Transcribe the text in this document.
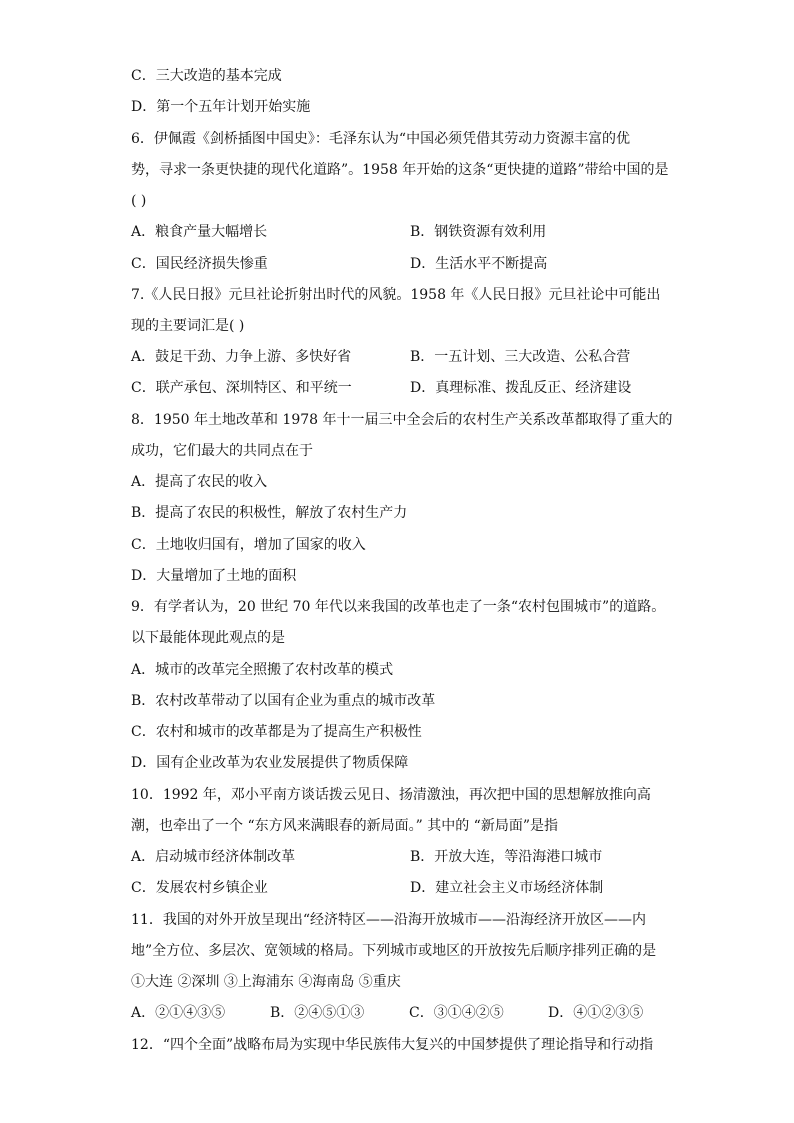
C．三大改造的基本完成
D．第一个五年计划开始实施
6．伊佩霞《剑桥插图中国史》：毛泽东认为“中国必须凭借其劳动力资源丰富的优
势，寻求一条更快捷的现代化道路”。1958 年开始的这条“更快捷的道路”带给中国的是
( )
A．粮食产量大幅增长	B．钢铁资源有效利用
C．国民经济损失惨重	D．生活水平不断提高
7.《人民日报》元旦社论折射出时代的风貌。1958 年《人民日报》元旦社论中可能出
现的主要词汇是( )
A．鼓足干劲、力争上游、多快好省	B．一五计划、三大改造、公私合营
C．联产承包、深圳特区、和平统一	D．真理标准、拨乱反正、经济建设
8．1950 年土地改革和 1978 年十一届三中全会后的农村生产关系改革都取得了重大的
成功，它们最大的共同点在于
A．提高了农民的收入
B．提高了农民的积极性，解放了农村生产力
C．土地收归国有，增加了国家的收入
D．大量增加了土地的面积
9．有学者认为，20 世纪 70 年代以来我国的改革也走了一条“农村包围城市”的道路。
以下最能体现此观点的是
A．城市的改革完全照搬了农村改革的模式
B．农村改革带动了以国有企业为重点的城市改革
C．农村和城市的改革都是为了提高生产积极性
D．国有企业改革为农业发展提供了物质保障
10．1992 年，邓小平南方谈话拨云见日、扬清激浊，再次把中国的思想解放推向高
潮，也牵出了一个 “东方风来满眼春的新局面。” 其中的 “新局面”是指
A．启动城市经济体制改革	B．开放大连，等沿海港口城市
C．发展农村乡镇企业	D．建立社会主义市场经济体制
11．我国的对外开放呈现出“经济特区——沿海开放城市——沿海经济开放区——内
地”全方位、多层次、宽领域的格局。下列城市或地区的开放按先后顺序排列正确的是
①大连 ②深圳 ③上海浦东 ④海南岛 ⑤重庆
A．②①④③⑤	B．②④⑤①③	C．③①④②⑤	D．④①②③⑤
12．“四个全面”战略布局为实现中华民族伟大复兴的中国梦提供了理论指导和行动指
